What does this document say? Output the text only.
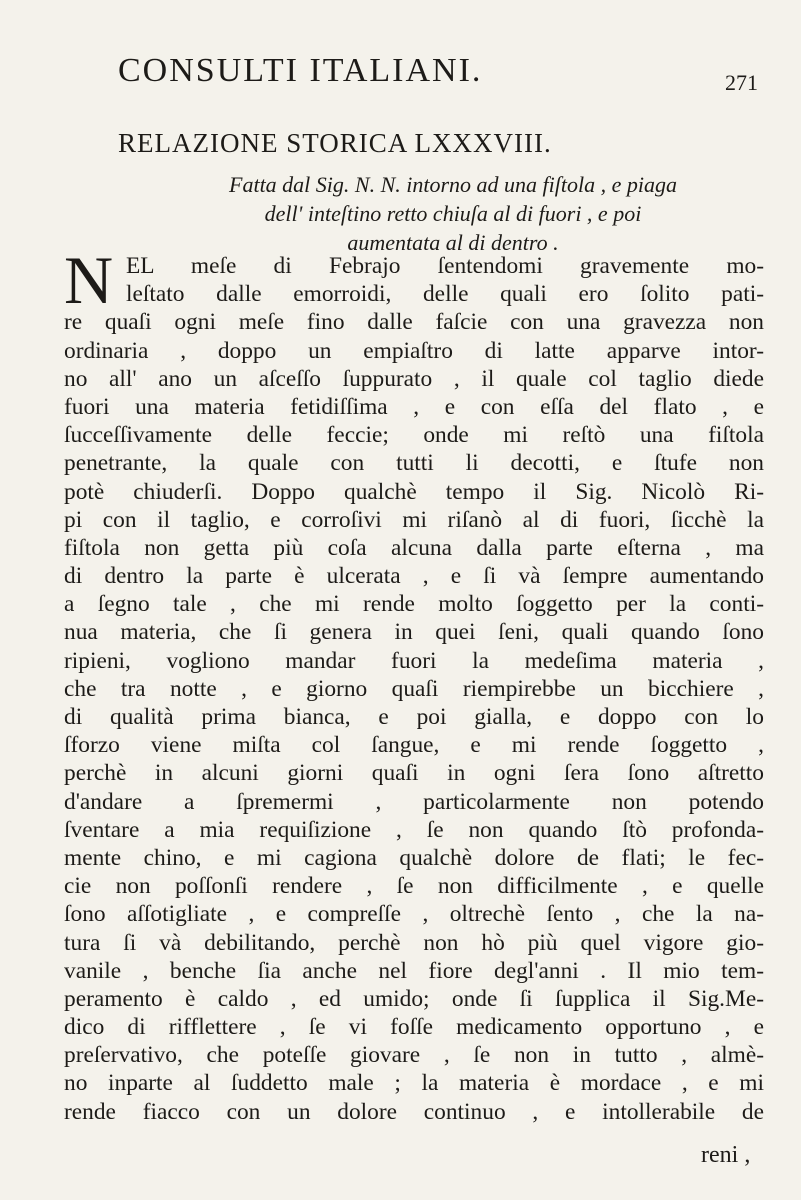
CONSULTI ITALIANI.	271
RELAZIONE STORICA LXXXVIII.
Fatta dal Sig. N. N. intorno ad una fiſtola , e piaga
dell' inteſtino retto chiuſa al di fuori , e poi
aumentata al di dentro .
N EL meſe di Febrajo ſentendomi gravemente mo-
leſtato dalle emorroidi, delle quali ero ſolito pati-
re quaſi ogni meſe fino dalle faſcie con una gravezza non
ordinaria , doppo un empiaſtro di latte apparve intor-
no all' ano un aſceſſo ſuppurato , il quale col taglio diede
fuori una materia fetidiſſima , e con eſſa del flato , e
ſucceſſivamente delle feccie; onde mi reſtò una fiſtola
penetrante, la quale con tutti li decotti, e ſtufe non
potè chiuderſi. Doppo qualchè tempo il Sig. Nicolò Ri-
pi con il taglio, e corroſivi mi riſanò al di fuori, ſicchè la
fiſtola non getta più coſa alcuna dalla parte eſterna , ma
di dentro la parte è ulcerata , e ſi và ſempre aumentando
a ſegno tale , che mi rende molto ſoggetto per la conti-
nua materia, che ſi genera in quei ſeni, quali quando ſono
ripieni, vogliono mandar fuori la medeſima materia ,
che tra notte , e giorno quaſi riempirebbe un bicchiere ,
di qualità prima bianca, e poi gialla, e doppo con lo
ſforzo viene miſta col ſangue, e mi rende ſoggetto ,
perchè in alcuni giorni quaſi in ogni ſera ſono aſtretto
d'andare a ſpremermi , particolarmente non potendo
ſventare a mia requiſizione , ſe non quando ſtò profonda-
mente chino, e mi cagiona qualchè dolore de flati; le fec-
cie non poſſonſi rendere , ſe non difficilmente , e quelle
ſono aſſotigliate , e compreſſe , oltrechè ſento , che la na-
tura ſi và debilitando, perchè non hò più quel vigore gio-
vanile , benche ſia anche nel fiore degl'anni . Il mio tem-
peramento è caldo , ed umido; onde ſi ſupplica il Sig.Me-
dico di rifflettere , ſe vi foſſe medicamento opportuno , e
preſervativo, che poteſſe giovare , ſe non in tutto , almè-
no inparte al ſuddetto male ; la materia è mordace , e mi
rende fiacco con un dolore continuo , e intollerabile de
reni ,
